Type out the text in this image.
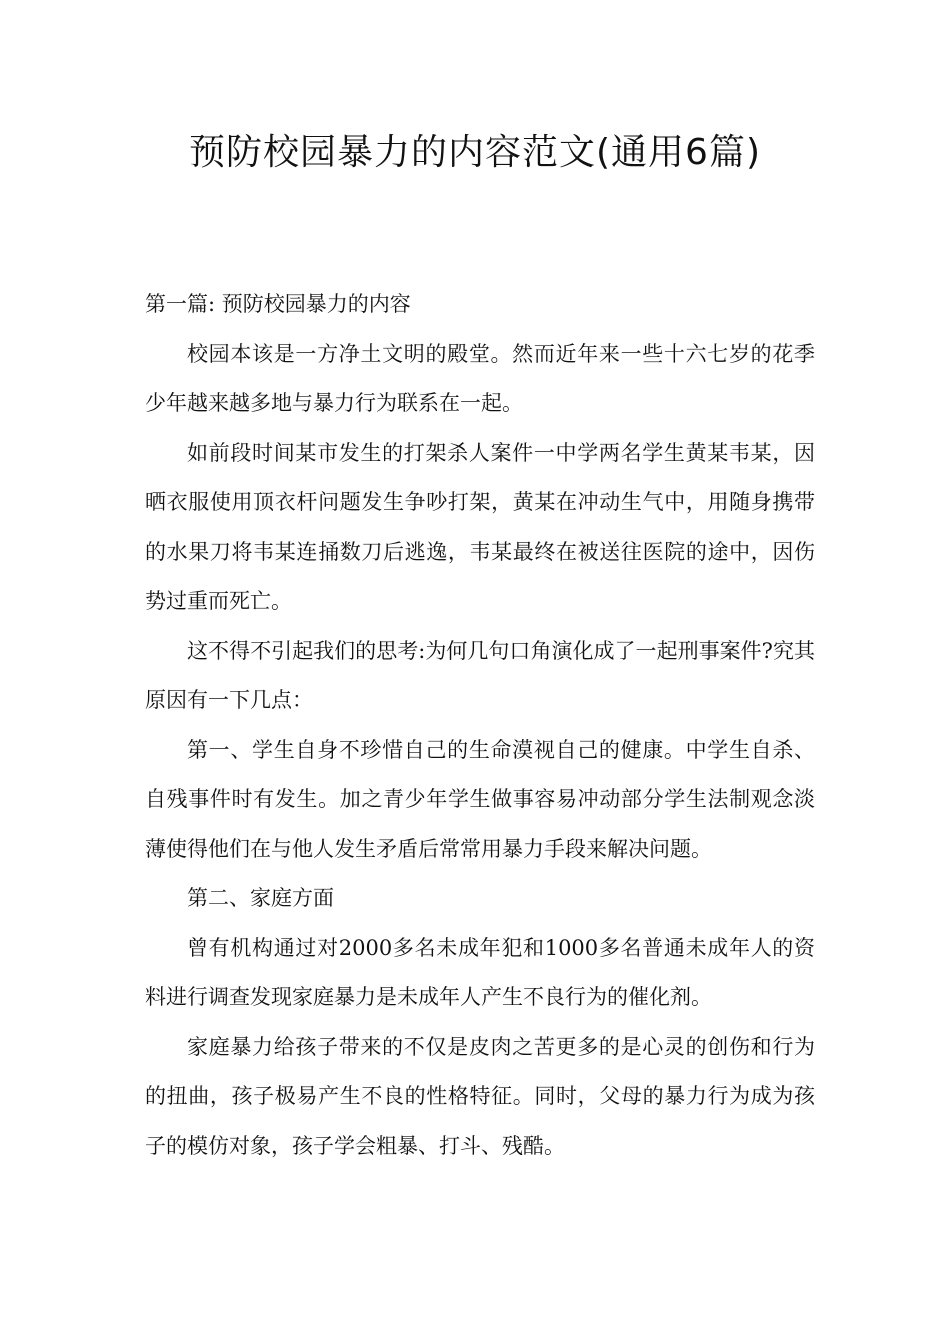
预防校园暴力的内容范文(通用6篇)

第一篇: 预防校园暴力的内容

校园本该是一方净土文明的殿堂。然而近年来一些十六七岁的花季少年越来越多地与暴力行为联系在一起。

如前段时间某市发生的打架杀人案件一中学两名学生黄某韦某，因晒衣服使用顶衣杆问题发生争吵打架，黄某在冲动生气中，用随身携带的水果刀将韦某连捅数刀后逃逸，韦某最终在被送往医院的途中，因伤势过重而死亡。

这不得不引起我们的思考:为何几句口角演化成了一起刑事案件?究其原因有一下几点：

第一、学生自身不珍惜自己的生命漠视自己的健康。中学生自杀、自残事件时有发生。加之青少年学生做事容易冲动部分学生法制观念淡薄使得他们在与他人发生矛盾后常常用暴力手段来解决问题。

第二、家庭方面

曾有机构通过对2000多名未成年犯和1000多名普通未成年人的资料进行调查发现家庭暴力是未成年人产生不良行为的催化剂。

家庭暴力给孩子带来的不仅是皮肉之苦更多的是心灵的创伤和行为的扭曲，孩子极易产生不良的性格特征。同时，父母的暴力行为成为孩子的模仿对象，孩子学会粗暴、打斗、残酷。
